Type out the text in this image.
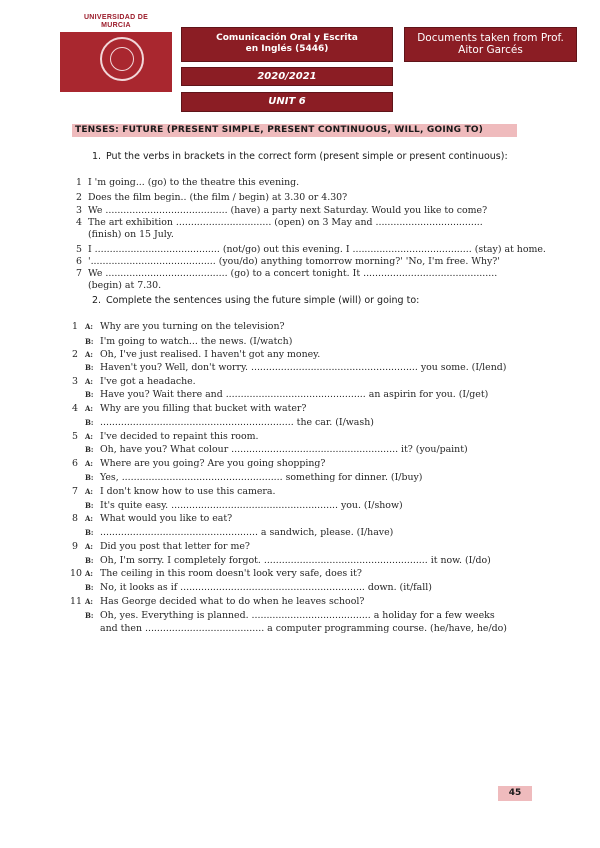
UNIVERSIDAD DE
MURCIA
Comunicación Oral y Escrita
en Inglés (5446)
Documents taken from Prof.
Aitor Garcés
2020/2021
UNIT 6
TENSES: FUTURE (PRESENT SIMPLE, PRESENT CONTINUOUS, WILL, GOING TO)
1. Put the verbs in brackets in the correct form (present simple or present continuous):
1 I 'm going... (go) to the theatre this evening.
2 Does the film begin.. (the film / begin) at 3.30 or 4.30?
3 We ......................................... (have) a party next Saturday. Would you like to come?
4 The art exhibition ................................ (open) on 3 May and ....................................
(finish) on 15 July.
5 I .......................................... (not/go) out this evening. I ........................................ (stay) at home.
6 '.......................................... (you/do) anything tomorrow morning?' 'No, I'm free. Why?'
7 We ......................................... (go) to a concert tonight. It .............................................
(begin) at 7.30.
2. Complete the sentences using the future simple (will) or going to:
1 A: Why are you turning on the television?
B: I'm going to watch... the news. (I/watch)
2 A: Oh, I've just realised. I haven't got any money.
B: Haven't you? Well, don't worry. ........................................................ you some. (I/lend)
3 A: I've got a headache.
B: Have you? Wait there and ............................................... an aspirin for you. (I/get)
4 A: Why are you filling that bucket with water?
B: ................................................................. the car. (I/wash)
5 A: I've decided to repaint this room.
B: Oh, have you? What colour ........................................................ it? (you/paint)
6 A: Where are you going? Are you going shopping?
B: Yes, ...................................................... something for dinner. (I/buy)
7 A: I don't know how to use this camera.
B: It's quite easy. ........................................................ you. (I/show)
8 A: What would you like to eat?
B: ..................................................... a sandwich, please. (I/have)
9 A: Did you post that letter for me?
B: Oh, I'm sorry. I completely forgot. ....................................................... it now. (I/do)
10 A: The ceiling in this room doesn't look very safe, does it?
B: No, it looks as if .............................................................. down. (it/fall)
11 A: Has George decided what to do when he leaves school?
B: Oh, yes. Everything is planned. ........................................ a holiday for a few weeks
and then ........................................ a computer programming course. (he/have, he/do)
45
